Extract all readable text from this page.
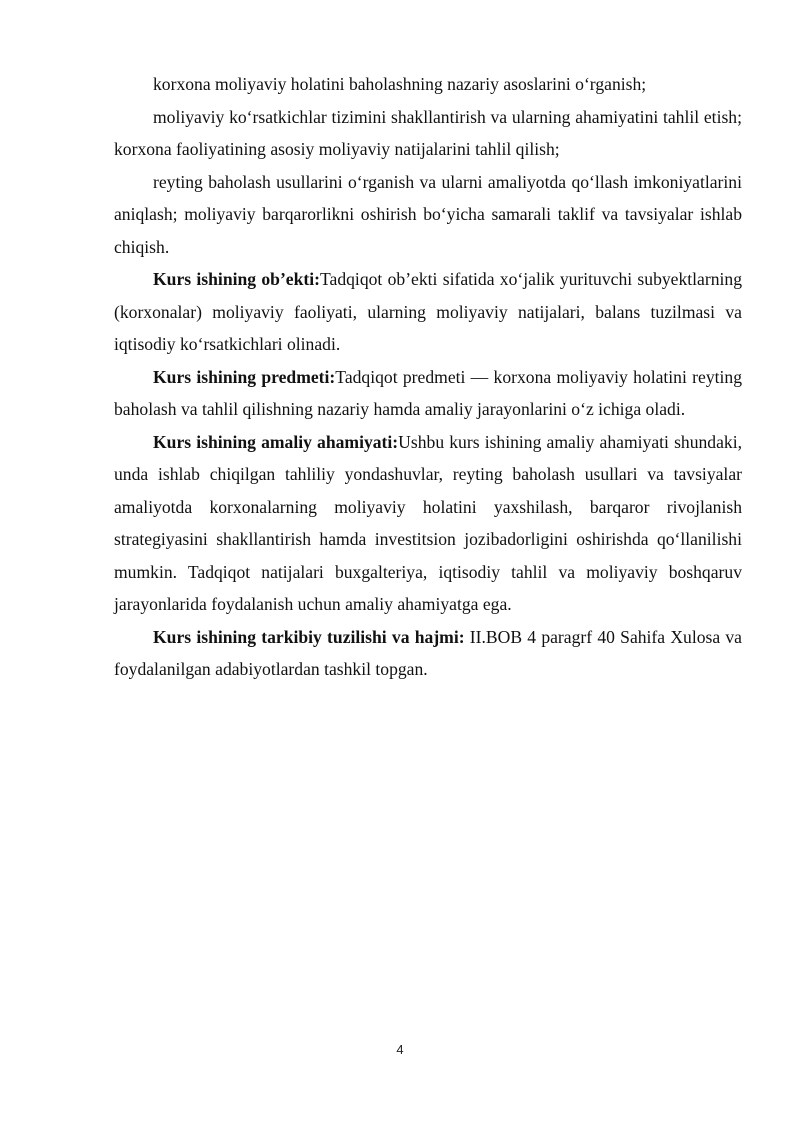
korxona moliyaviy holatini baholashning nazariy asoslarini o‘rganish;

moliyaviy ko‘rsatkichlar tizimini shakllantirish va ularning ahamiyatini tahlil etish; korxona faoliyatining asosiy moliyaviy natijalarini tahlil qilish;

reyting baholash usullarini o‘rganish va ularni amaliyotda qo‘llash imkoniyatlarini aniqlash; moliyaviy barqarorlikni oshirish bo‘yicha samarali taklif va tavsiyalar ishlab chiqish.

Kurs ishining ob’ekti:Tadqiqot ob’ekti sifatida xo‘jalik yurituvchi subyektlarning (korxonalar) moliyaviy faoliyati, ularning moliyaviy natijalari, balans tuzilmasi va iqtisodiy ko‘rsatkichlari olinadi.

Kurs ishining predmeti:Tadqiqot predmeti — korxona moliyaviy holatini reyting baholash va tahlil qilishning nazariy hamda amaliy jarayonlarini o‘z ichiga oladi.

Kurs ishining amaliy ahamiyati:Ushbu kurs ishining amaliy ahamiyati shundaki, unda ishlab chiqilgan tahliliy yondashuvlar, reyting baholash usullari va tavsiyalar amaliyotda korxonalarning moliyaviy holatini yaxshilash, barqaror rivojlanish strategiyasini shakllantirish hamda investitsion jozibadorligini oshirishda qo‘llanilishi mumkin. Tadqiqot natijalari buxgalteriya, iqtisodiy tahlil va moliyaviy boshqaruv jarayonlarida foydalanish uchun amaliy ahamiyatga ega.

Kurs ishining tarkibiy tuzilishi va hajmi: II.BOB 4 paragrf 40 Sahifa Xulosa va foydalanilgan adabiyotlardan tashkil topgan.

4
